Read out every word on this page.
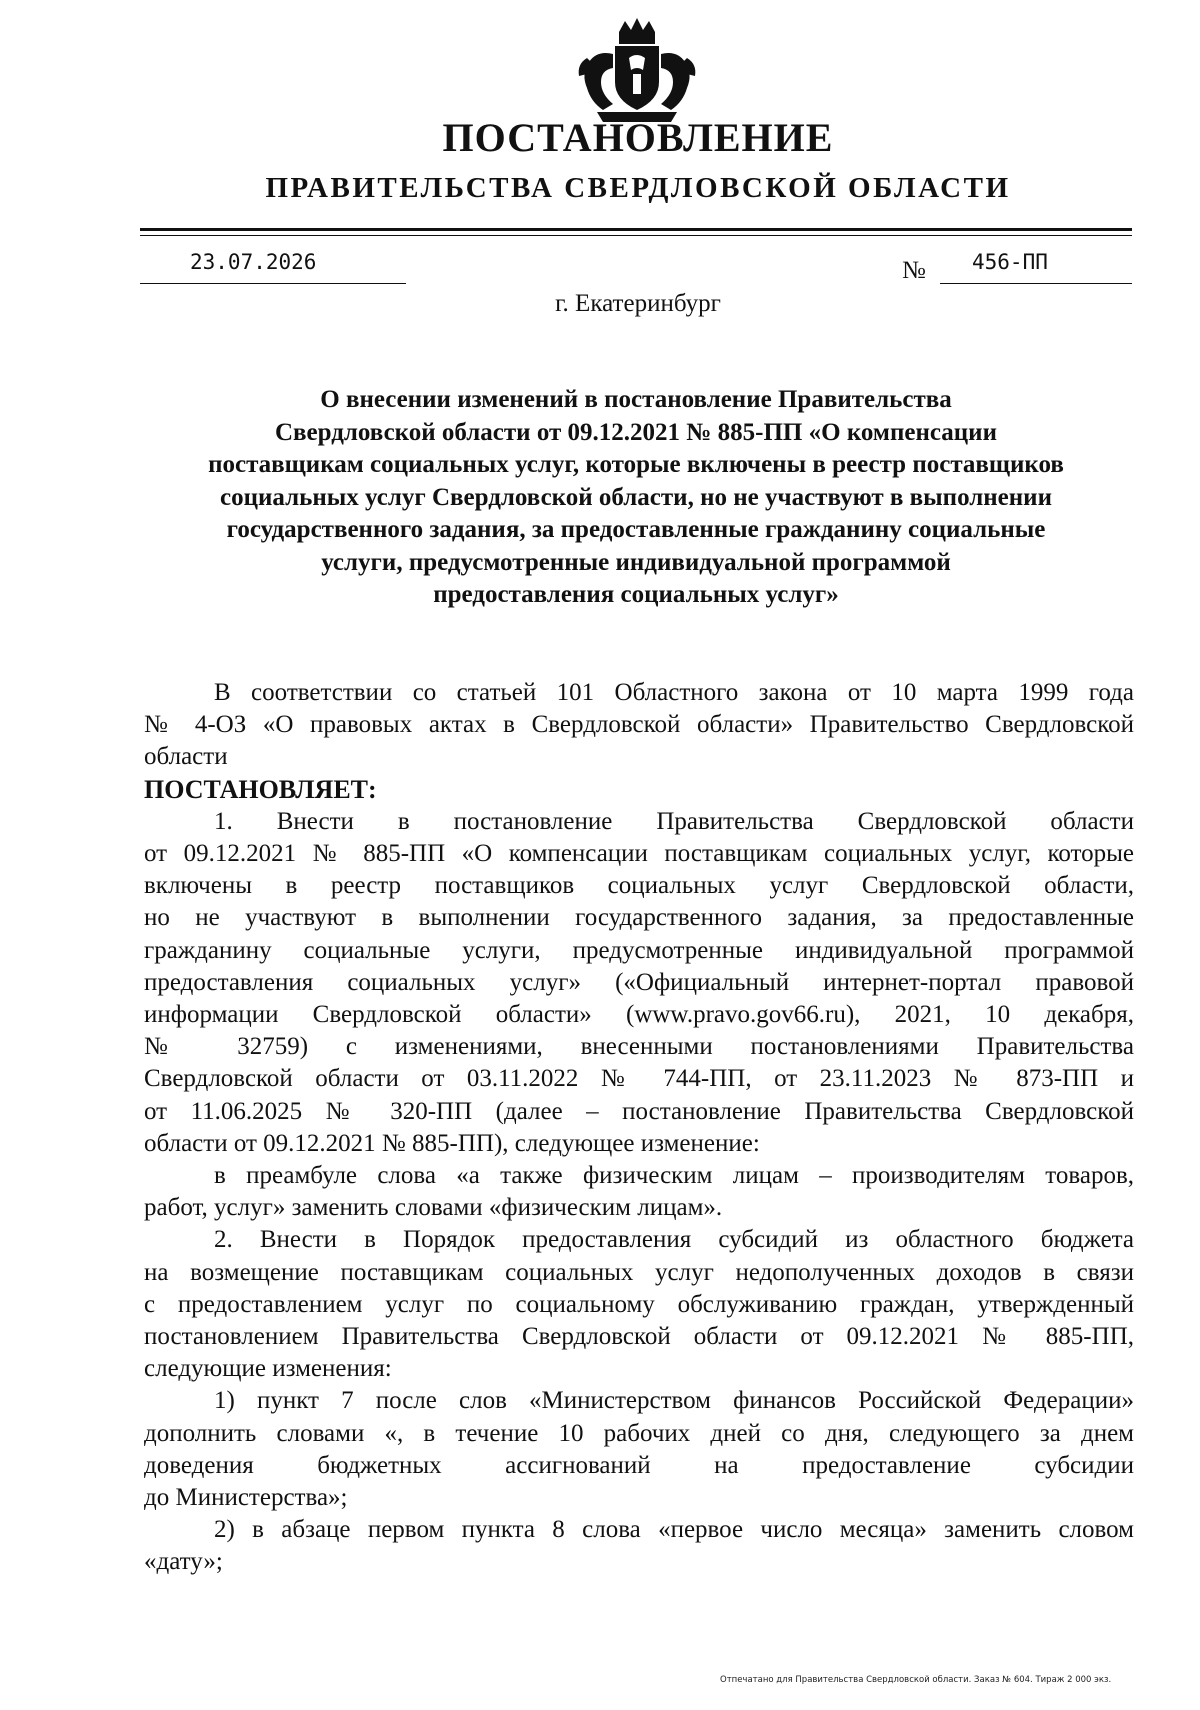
ПОСТАНОВЛЕНИЕ
ПРАВИТЕЛЬСТВА СВЕРДЛОВСКОЙ ОБЛАСТИ
23.07.2026	№ 456-ПП
г. Екатеринбург
О внесении изменений в постановление Правительства
Свердловской области от 09.12.2021 № 885-ПП «О компенсации
поставщикам социальных услуг, которые включены в реестр поставщиков
социальных услуг Свердловской области, но не участвуют в выполнении
государственного задания, за предоставленные гражданину социальные
услуги, предусмотренные индивидуальной программой
предоставления социальных услуг»
В соответствии со статьей 101 Областного закона от 10 марта 1999 года
№ 4-ОЗ «О правовых актах в Свердловской области» Правительство Свердловской
области
ПОСТАНОВЛЯЕТ:
1. Внести в постановление Правительства Свердловской области
от 09.12.2021 № 885-ПП «О компенсации поставщикам социальных услуг, которые
включены в реестр поставщиков социальных услуг Свердловской области,
но не участвуют в выполнении государственного задания, за предоставленные
гражданину социальные услуги, предусмотренные индивидуальной программой
предоставления социальных услуг» («Официальный интернет-портал правовой
информации Свердловской области» (www.pravo.gov66.ru), 2021, 10 декабря,
№ 32759) с изменениями, внесенными постановлениями Правительства
Свердловской области от 03.11.2022 № 744-ПП, от 23.11.2023 № 873-ПП и
от 11.06.2025 № 320-ПП (далее – постановление Правительства Свердловской
области от 09.12.2021 № 885-ПП), следующее изменение:
в преамбуле слова «а также физическим лицам – производителям товаров,
работ, услуг» заменить словами «физическим лицам».
2. Внести в Порядок предоставления субсидий из областного бюджета
на возмещение поставщикам социальных услуг недополученных доходов в связи
с предоставлением услуг по социальному обслуживанию граждан, утвержденный
постановлением Правительства Свердловской области от 09.12.2021 № 885-ПП,
следующие изменения:
1) пункт 7 после слов «Министерством финансов Российской Федерации»
дополнить словами «, в течение 10 рабочих дней со дня, следующего за днем
доведения бюджетных ассигнований на предоставление субсидии
до Министерства»;
2) в абзаце первом пункта 8 слова «первое число месяца» заменить словом
«дату»;
Отпечатано для Правительства Свердловской области. Заказ № 604. Тираж 2 000 экз.
